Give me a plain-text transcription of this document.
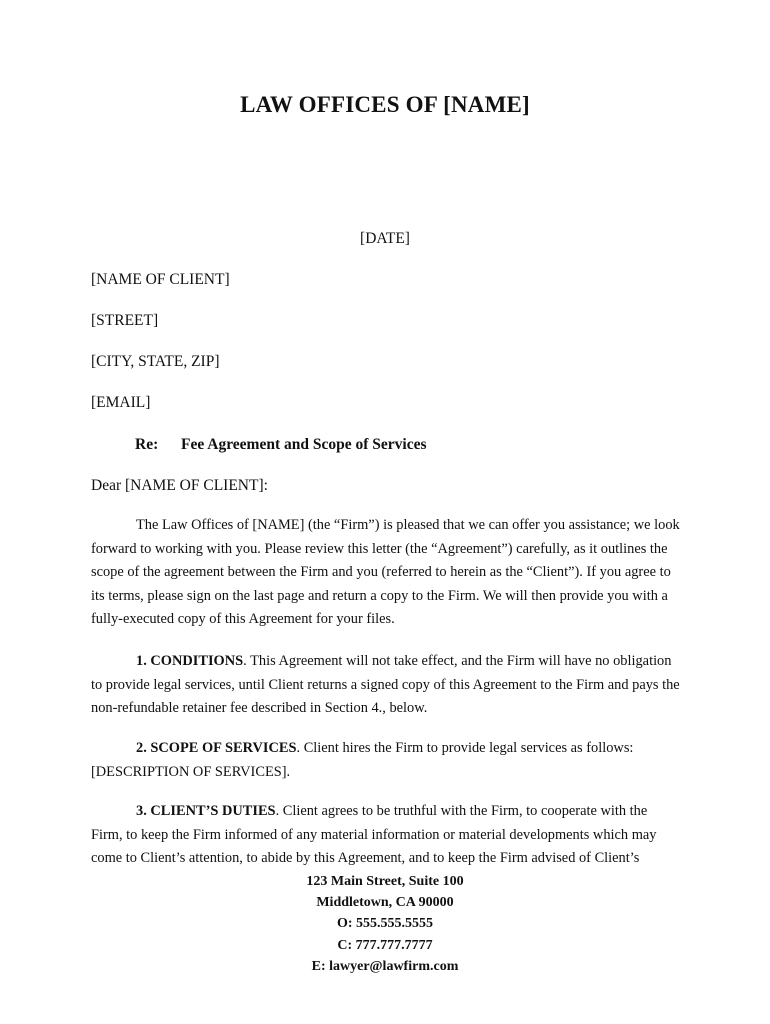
LAW OFFICES OF [NAME]
[DATE]
[NAME OF CLIENT]
[STREET]
[CITY, STATE, ZIP]
[EMAIL]
Re: Fee Agreement and Scope of Services
Dear [NAME OF CLIENT]:
The Law Offices of [NAME] (the “Firm”) is pleased that we can offer you assistance; we look
forward to working with you. Please review this letter (the “Agreement”) carefully, as it outlines the
scope of the agreement between the Firm and you (referred to herein as the “Client”). If you agree to
its terms, please sign on the last page and return a copy to the Firm. We will then provide you with a
fully-executed copy of this Agreement for your files.
1. CONDITIONS. This Agreement will not take effect, and the Firm will have no obligation
to provide legal services, until Client returns a signed copy of this Agreement to the Firm and pays the
non-refundable retainer fee described in Section 4., below.
2. SCOPE OF SERVICES. Client hires the Firm to provide legal services as follows:
[DESCRIPTION OF SERVICES].
3. CLIENT’S DUTIES. Client agrees to be truthful with the Firm, to cooperate with the
Firm, to keep the Firm informed of any material information or material developments which may
come to Client’s attention, to abide by this Agreement, and to keep the Firm advised of Client’s
123 Main Street, Suite 100
Middletown, CA 90000
O: 555.555.5555
C: 777.777.7777
E: lawyer@lawfirm.com
